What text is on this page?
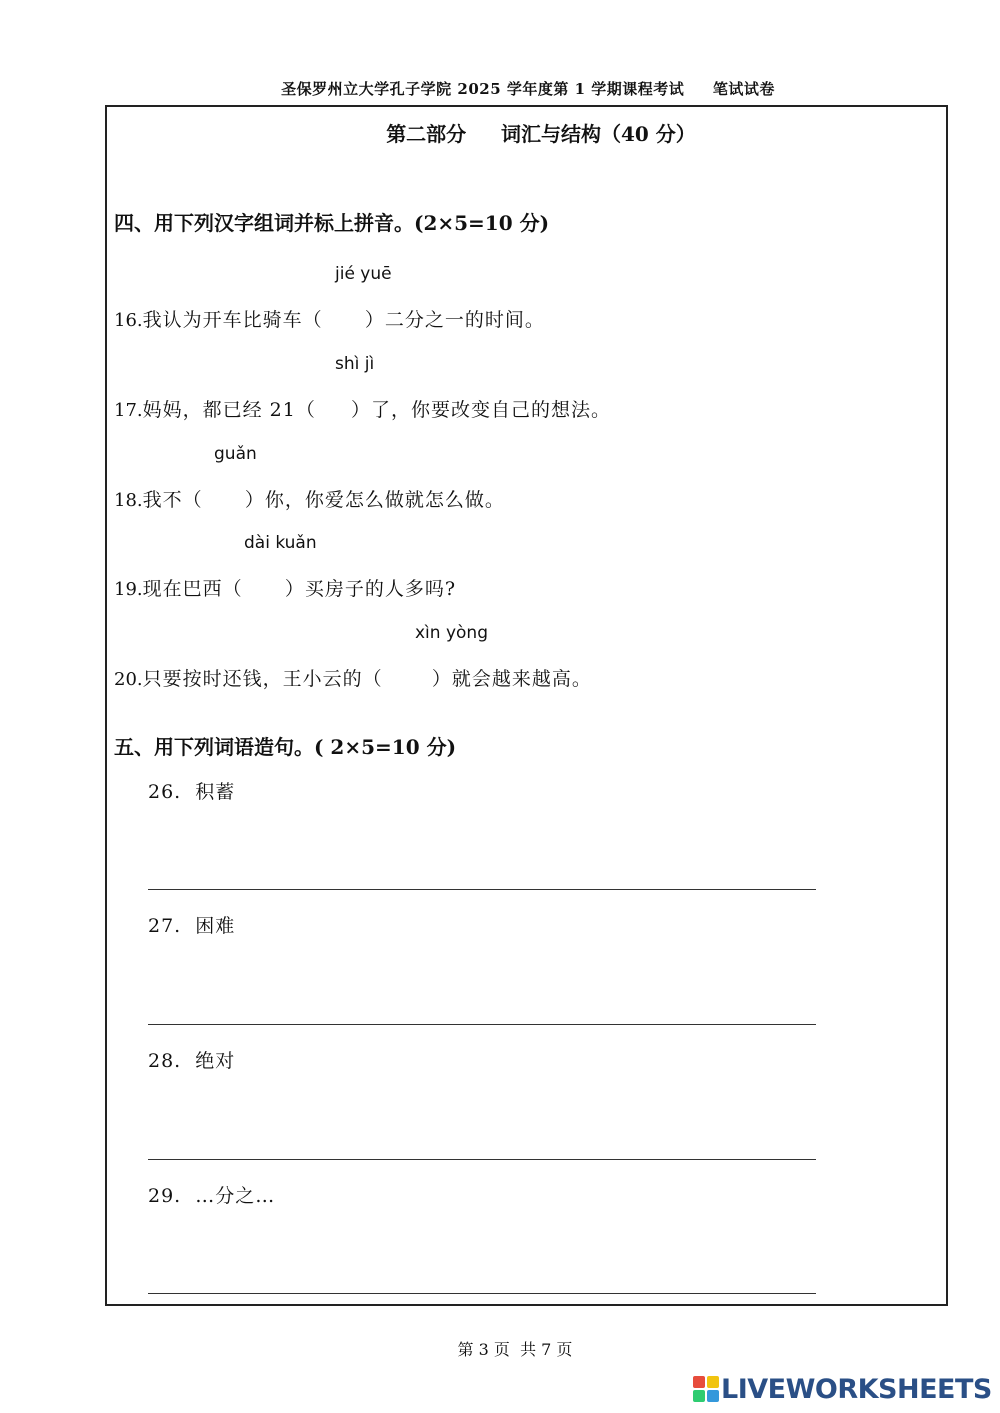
圣保罗州立大学孔子学院 2025 学年度第 1 学期课程考试     笔试试卷
第二部分     词汇与结构（40 分）
四、用下列汉字组词并标上拼音。(2×5=10 分)
jié yuē
16.我认为开车比骑车（      ）二分之一的时间。
shì jì
17.妈妈，都已经 21（     ）了，你要改变自己的想法。
guǎn
18.我不（      ）你，你爱怎么做就怎么做。
dài kuǎn
19.现在巴西（      ）买房子的人多吗?
xìn yòng
20.只要按时还钱，王小云的（       ）就会越来越高。
五、用下列词语造句。( 2×5=10 分)
26.  积蓄
27.  困难
28.  绝对
29.  …分之…
第 3 页  共 7 页
LIVEWORKSHEETS
